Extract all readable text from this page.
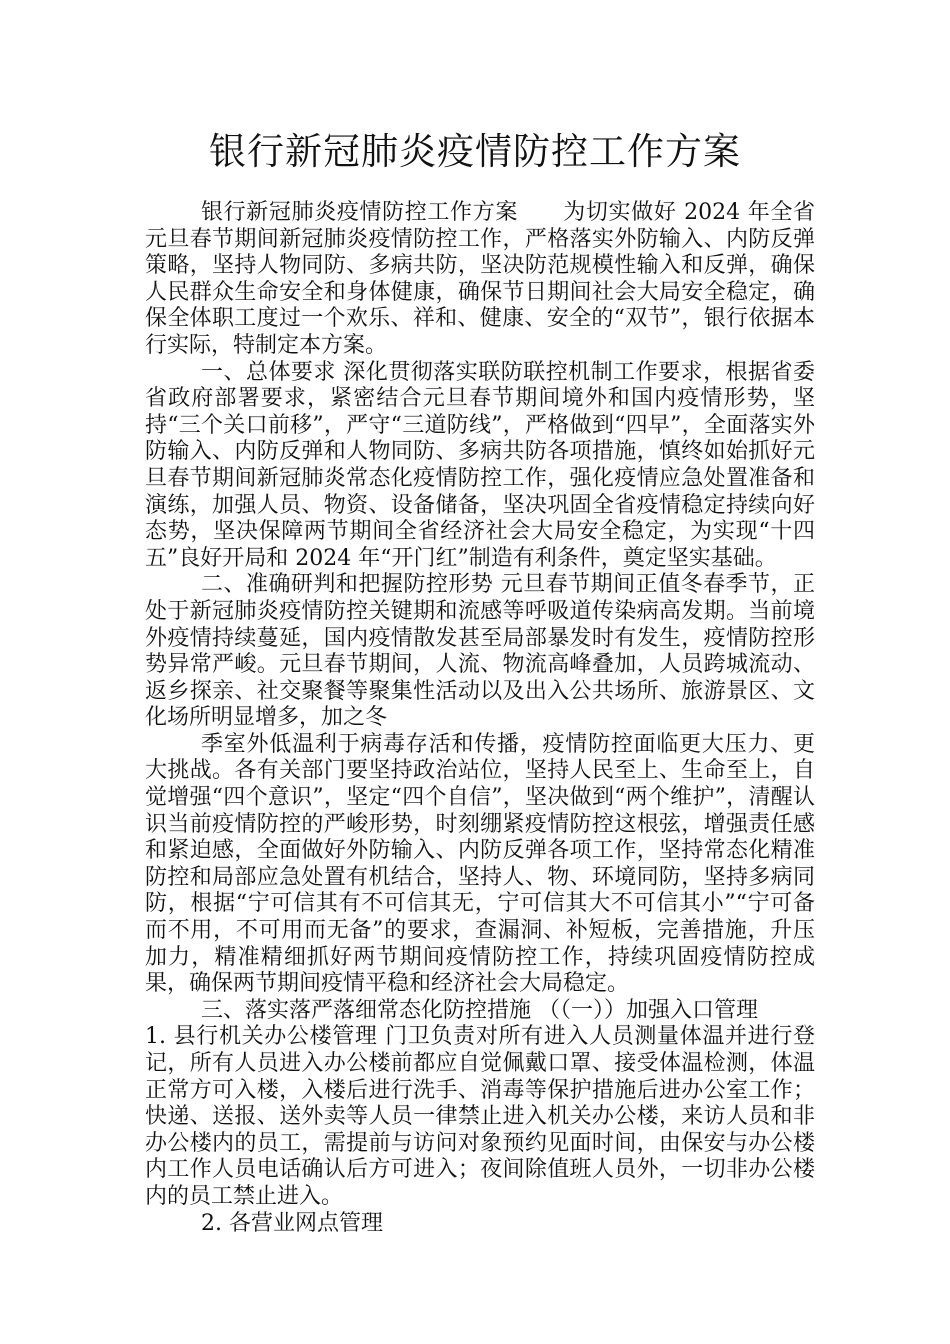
银行新冠肺炎疫情防控工作方案

银行新冠肺炎疫情防控工作方案　　为切实做好 2024 年全省元旦春节期间新冠肺炎疫情防控工作，严格落实外防输入、内防反弹策略，坚持人物同防、多病共防，坚决防范规模性输入和反弹，确保人民群众生命安全和身体健康，确保节日期间社会大局安全稳定，确保全体职工度过一个欢乐、祥和、健康、安全的“双节”，银行依据本行实际，特制定本方案。

一、总体要求 深化贯彻落实联防联控机制工作要求，根据省委省政府部署要求，紧密结合元旦春节期间境外和国内疫情形势，坚持“三个关口前移”，严守“三道防线”，严格做到“四早”，全面落实外防输入、内防反弹和人物同防、多病共防各项措施，慎终如始抓好元旦春节期间新冠肺炎常态化疫情防控工作，强化疫情应急处置准备和演练，加强人员、物资、设备储备，坚决巩固全省疫情稳定持续向好态势，坚决保障两节期间全省经济社会大局安全稳定，为实现“十四五”良好开局和 2024 年“开门红”制造有利条件，奠定坚实基础。

二、准确研判和把握防控形势 元旦春节期间正值冬春季节，正处于新冠肺炎疫情防控关键期和流感等呼吸道传染病高发期。当前境外疫情持续蔓延，国内疫情散发甚至局部暴发时有发生，疫情防控形势异常严峻。元旦春节期间，人流、物流高峰叠加，人员跨城流动、返乡探亲、社交聚餐等聚集性活动以及出入公共场所、旅游景区、文化场所明显增多，加之冬

季室外低温利于病毒存活和传播，疫情防控面临更大压力、更大挑战。各有关部门要坚持政治站位，坚持人民至上、生命至上，自觉增强“四个意识”，坚定“四个自信”，坚决做到“两个维护”，清醒认识当前疫情防控的严峻形势，时刻绷紧疫情防控这根弦，增强责任感和紧迫感，全面做好外防输入、内防反弹各项工作，坚持常态化精准防控和局部应急处置有机结合，坚持人、物、环境同防，坚持多病同防，根据“宁可信其有不可信其无，宁可信其大不可信其小”“宁可备而不用，不可用而无备”的要求，查漏洞、补短板，完善措施，升压加力，精准精细抓好两节期间疫情防控工作，持续巩固疫情防控成果，确保两节期间疫情平稳和经济社会大局稳定。

三、落实落严落细常态化防控措施 （（一））加强入口管理

1. 县行机关办公楼管理 门卫负责对所有进入人员测量体温并进行登记，所有人员进入办公楼前都应自觉佩戴口罩、接受体温检测，体温正常方可入楼，入楼后进行洗手、消毒等保护措施后进办公室工作；快递、送报、送外卖等人员一律禁止进入机关办公楼，来访人员和非办公楼内的员工，需提前与访问对象预约见面时间，由保安与办公楼内工作人员电话确认后方可进入；夜间除值班人员外，一切非办公楼内的员工禁止进入。

2. 各营业网点管理
